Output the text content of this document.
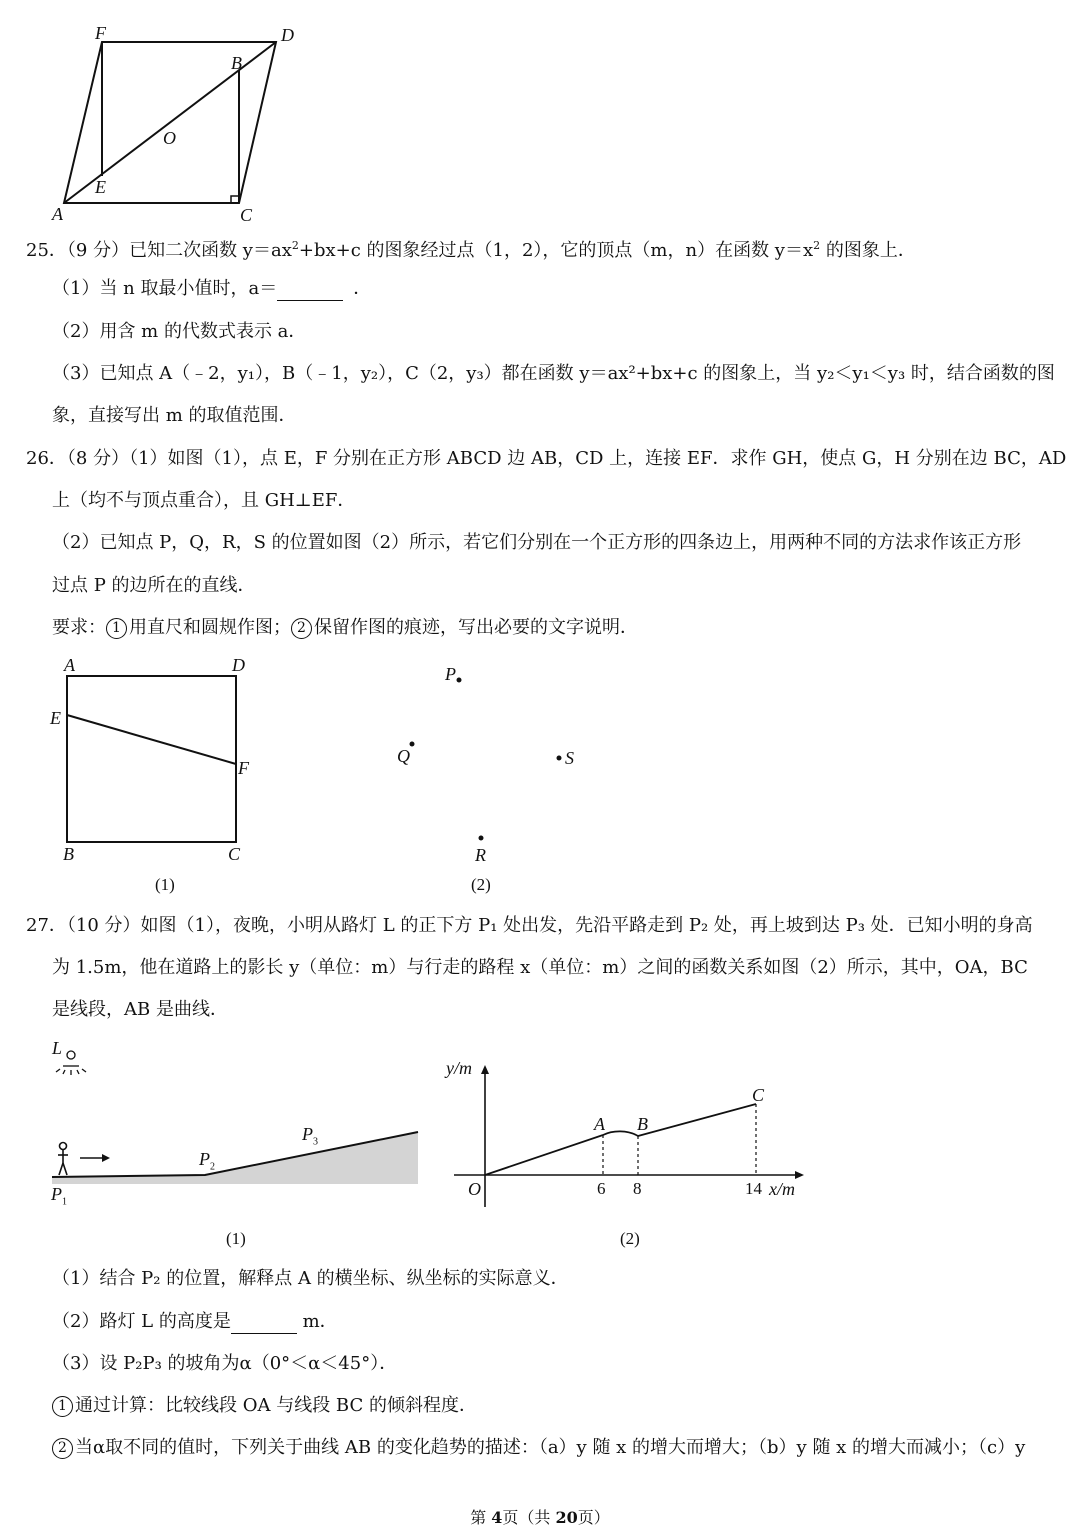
F	D
B
O
E
A	C
25．（9 分）已知二次函数 $y=ax^2+bx+c$ 的图象经过点（1，2），它的顶点（m，n）在函数 $y=x^2$ 的图象上．
（1）当 n 取最小值时，a＝	．
（2）用含 m 的代数式表示 a．
（3）已知点 A（﹣2，y₁），B（﹣1，y₂），C（2，y₃）都在函数 y＝ax²+bx+c 的图象上，当 y₂＜y₁＜y₃ 时，结合函数的图
象，直接写出 m 的取值范围．
26．（8 分）（1）如图（1），点 E，F 分别在正方形 ABCD 边 AB，CD 上，连接 EF．求作 GH，使点 G，H 分别在边 BC，AD
上（均不与顶点重合），且 GH⊥EF．
（2）已知点 P，Q，R，S 的位置如图（2）所示，若它们分别在一个正方形的四条边上，用两种不同的方法求作该正方形
过点 P 的边所在的直线．
要求： 1 用直尺和圆规作图； 2 保留作图的痕迹，写出必要的文字说明．
A	D
E
F
B	C
(1)
P
Q	S
R
(2)
27．（10 分）如图（1），夜晚，小明从路灯 L 的正下方 P₁ 处出发，先沿平路走到 P₂ 处，再上坡到达 P₃ 处．已知小明的身高
为 1.5m，他在道路上的影长 y（单位：m）与行走的路程 x（单位：m）之间的函数关系如图（2）所示，其中，OA，BC
是线段，AB 是曲线．
L
$P_1$
$P_2$
$P_3$
(1)
y/m
x/m
O
A B
C
6 8	14
(2)
（1）结合 P₂ 的位置，解释点 A 的横坐标、纵坐标的实际意义．
（2）路灯 L 的高度是	m．
（3）设 P₂P₃ 的坡角为α（0°＜α＜45°）．
1 通过计算：比较线段 OA 与线段 BC 的倾斜程度．
2 当α取不同的值时，下列关于曲线 AB 的变化趋势的描述：（a）y 随 x 的增大而增大；（b）y 随 x 的增大而减小；（c）y
第 4页（共 20页）
